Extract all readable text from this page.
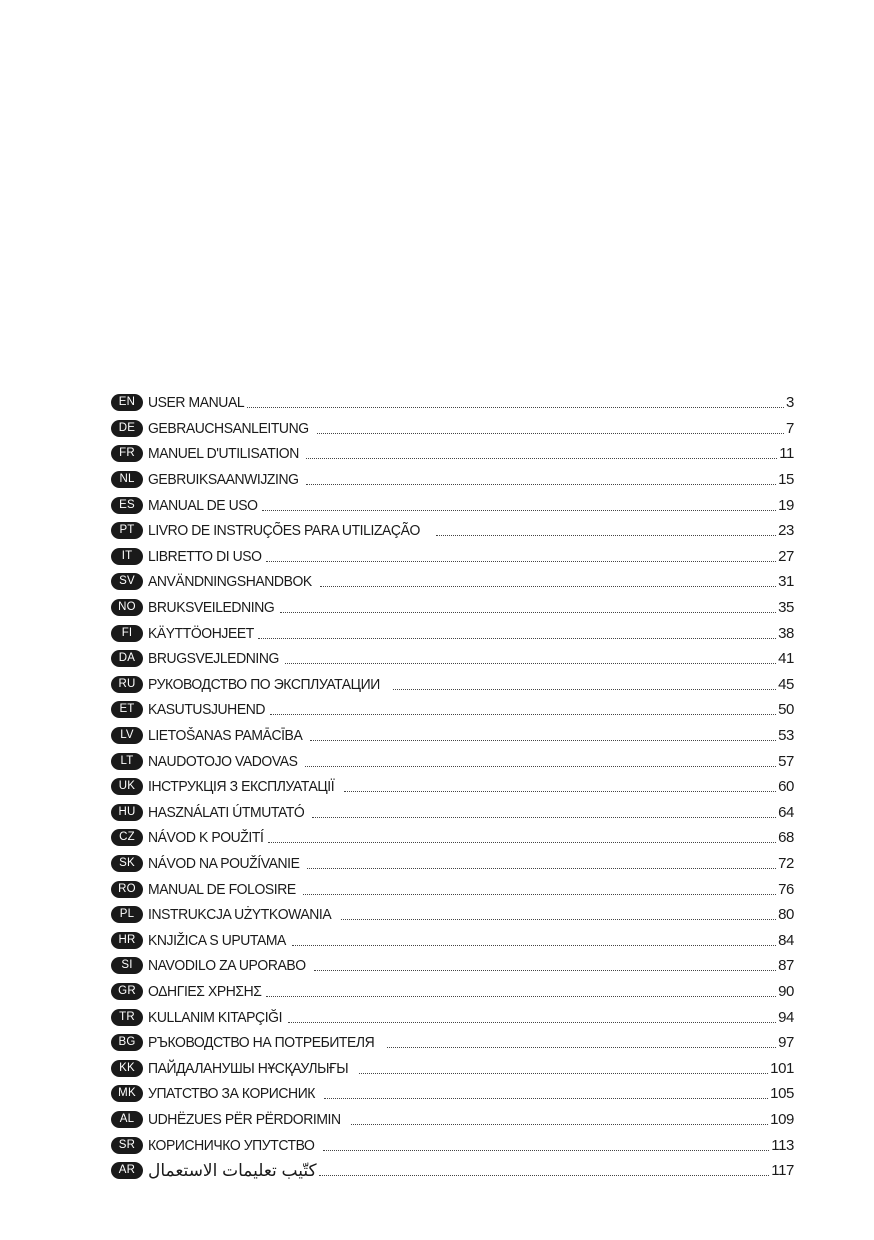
EN USER MANUAL	3
DE GEBRAUCHSANLEITUNG	7
FR MANUEL D'UTILISATION	11
NL GEBRUIKSAANWIJZING	15
ES MANUAL DE USO	19
PT LIVRO DE INSTRUÇÕES PARA UTILIZAÇÃO	23
IT	LIBRETTO DI USO	27
SV ANVÄNDNINGSHANDBOK	31
NO BRUKSVEILEDNING	35
FI	KÄYTTÖOHJEET	38
DA BRUGSVEJLEDNING	41
RU РУКОВОДСТВО ПО ЭКСПЛУАТАЦИИ	45
ET KASUTUSJUHEND	50
LV LIETOŠANAS PAMĀCĪBA	53
LT NAUDOTOJO VADOVAS	57
UK ІНСТРУКЦІЯ З ЕКСПЛУАТАЦІЇ	60
HU HASZNÁLATI ÚTMUTATÓ	64
CZ NÁVOD K POUŽITÍ	68
SK NÁVOD NA POUŽÍVANIE	72
RO MANUAL DE FOLOSIRE	76
PL INSTRUKCJA UŻYTKOWANIA	80
HR KNJIŽICA S UPUTAMA	84
SI	NAVODILO ZA UPORABO	87
GR ΟΔΗΓΙΕΣ ΧΡΗΣΗΣ	90
TR KULLANIM KITAPÇIĞI	94
BG РЪКОВОДСТВО НА ПОТРЕБИТЕЛЯ	97
KK ПАЙДАЛАНУШЫ НҰСҚАУЛЫҒЫ	101
MK УПАТСТВО ЗА КОРИСНИК	105
AL UDHËZUES PËR PËRDORIMIN	109
SR КОРИСНИЧКО УПУТСТВО	113
AR كتّيب تعليمات الاستعمال	117
